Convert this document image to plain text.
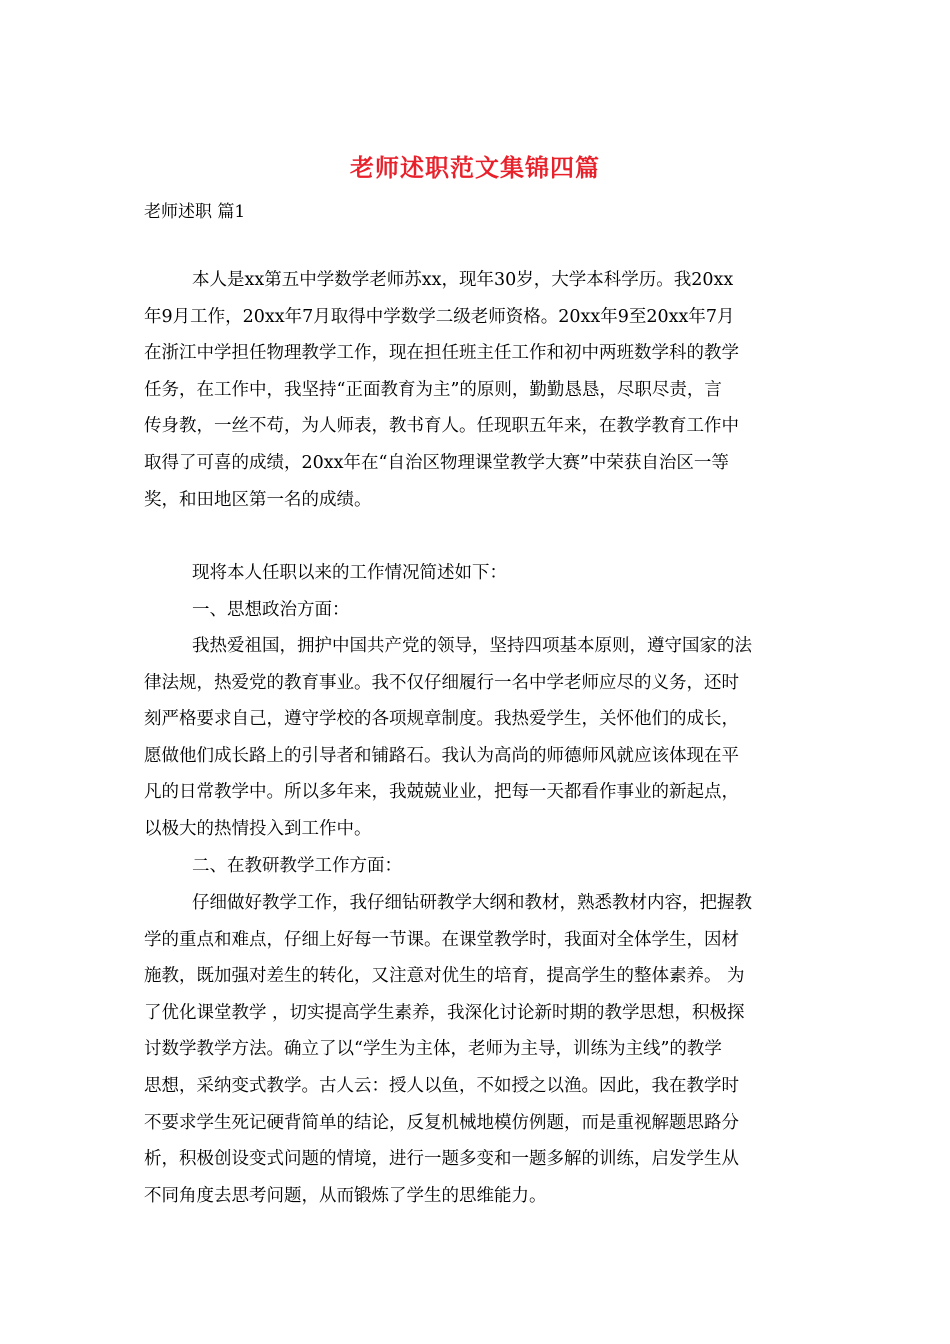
老师述职范文集锦四篇
老师述职 篇1
本人是xx第五中学数学老师苏xx，现年30岁，大学本科学历。我20xx
年9月工作，20xx年7月取得中学数学二级老师资格。20xx年9至20xx年7月
在浙江中学担任物理教学工作，现在担任班主任工作和初中两班数学科的教学
任务，在工作中，我坚持“正面教育为主”的原则，勤勤恳恳，尽职尽责，言
传身教，一丝不苟，为人师表，教书育人。任现职五年来，在教学教育工作中
取得了可喜的成绩，20xx年在“自治区物理课堂教学大赛”中荣获自治区一等
奖，和田地区第一名的成绩。
现将本人任职以来的工作情况简述如下：
一、思想政治方面：
我热爱祖国，拥护中国共产党的领导，坚持四项基本原则，遵守国家的法
律法规，热爱党的教育事业。我不仅仔细履行一名中学老师应尽的义务，还时
刻严格要求自己，遵守学校的各项规章制度。我热爱学生，关怀他们的成长，
愿做他们成长路上的引导者和铺路石。我认为高尚的师德师风就应该体现在平
凡的日常教学中。所以多年来，我兢兢业业，把每一天都看作事业的新起点，
以极大的热情投入到工作中。
二、在教研教学工作方面：
仔细做好教学工作，我仔细钻研教学大纲和教材，熟悉教材内容，把握教
学的重点和难点，仔细上好每一节课。在课堂教学时，我面对全体学生，因材
施教，既加强对差生的转化，又注意对优生的培育，提高学生的整体素养。 为
了优化课堂教学 ，切实提高学生素养，我深化讨论新时期的教学思想，积极探
讨数学教学方法。确立了以“学生为主体，老师为主导，训练为主线”的教学
思想，采纳变式教学。古人云：授人以鱼，不如授之以渔。因此，我在教学时
不要求学生死记硬背简单的结论，反复机械地模仿例题，而是重视解题思路分
析，积极创设变式问题的情境，进行一题多变和一题多解的训练，启发学生从
不同角度去思考问题，从而锻炼了学生的思维能力。
